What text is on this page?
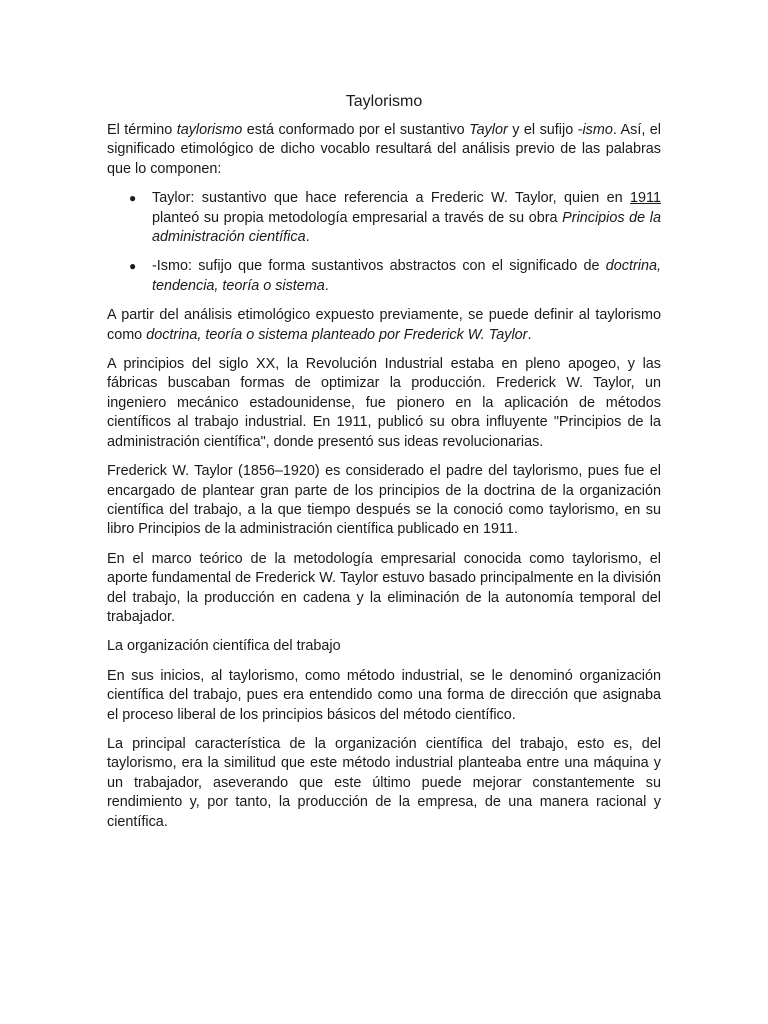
Taylorismo

El término taylorismo está conformado por el sustantivo Taylor y el sufijo -ismo. Así, el significado etimológico de dicho vocablo resultará del análisis previo de las palabras que lo componen:

● Taylor: sustantivo que hace referencia a Frederic W. Taylor, quien en 1911 planteó su propia metodología empresarial a través de su obra Principios de la administración científica.
● -Ismo: sufijo que forma sustantivos abstractos con el significado de doctrina, tendencia, teoría o sistema.

A partir del análisis etimológico expuesto previamente, se puede definir al taylorismo como doctrina, teoría o sistema planteado por Frederick W. Taylor.

A principios del siglo XX, la Revolución Industrial estaba en pleno apogeo, y las fábricas buscaban formas de optimizar la producción. Frederick W. Taylor, un ingeniero mecánico estadounidense, fue pionero en la aplicación de métodos científicos al trabajo industrial. En 1911, publicó su obra influyente "Principios de la administración científica", donde presentó sus ideas revolucionarias.

Frederick W. Taylor (1856–1920) es considerado el padre del taylorismo, pues fue el encargado de plantear gran parte de los principios de la doctrina de la organización científica del trabajo, a la que tiempo después se la conoció como taylorismo, en su libro Principios de la administración científica publicado en 1911.

En el marco teórico de la metodología empresarial conocida como taylorismo, el aporte fundamental de Frederick W. Taylor estuvo basado principalmente en la división del trabajo, la producción en cadena y la eliminación de la autonomía temporal del trabajador.

La organización científica del trabajo

En sus inicios, al taylorismo, como método industrial, se le denominó organización científica del trabajo, pues era entendido como una forma de dirección que asignaba el proceso liberal de los principios básicos del método científico.

La principal característica de la organización científica del trabajo, esto es, del taylorismo, era la similitud que este método industrial planteaba entre una máquina y un trabajador, aseverando que este último puede mejorar constantemente su rendimiento y, por tanto, la producción de la empresa, de una manera racional y científica.
